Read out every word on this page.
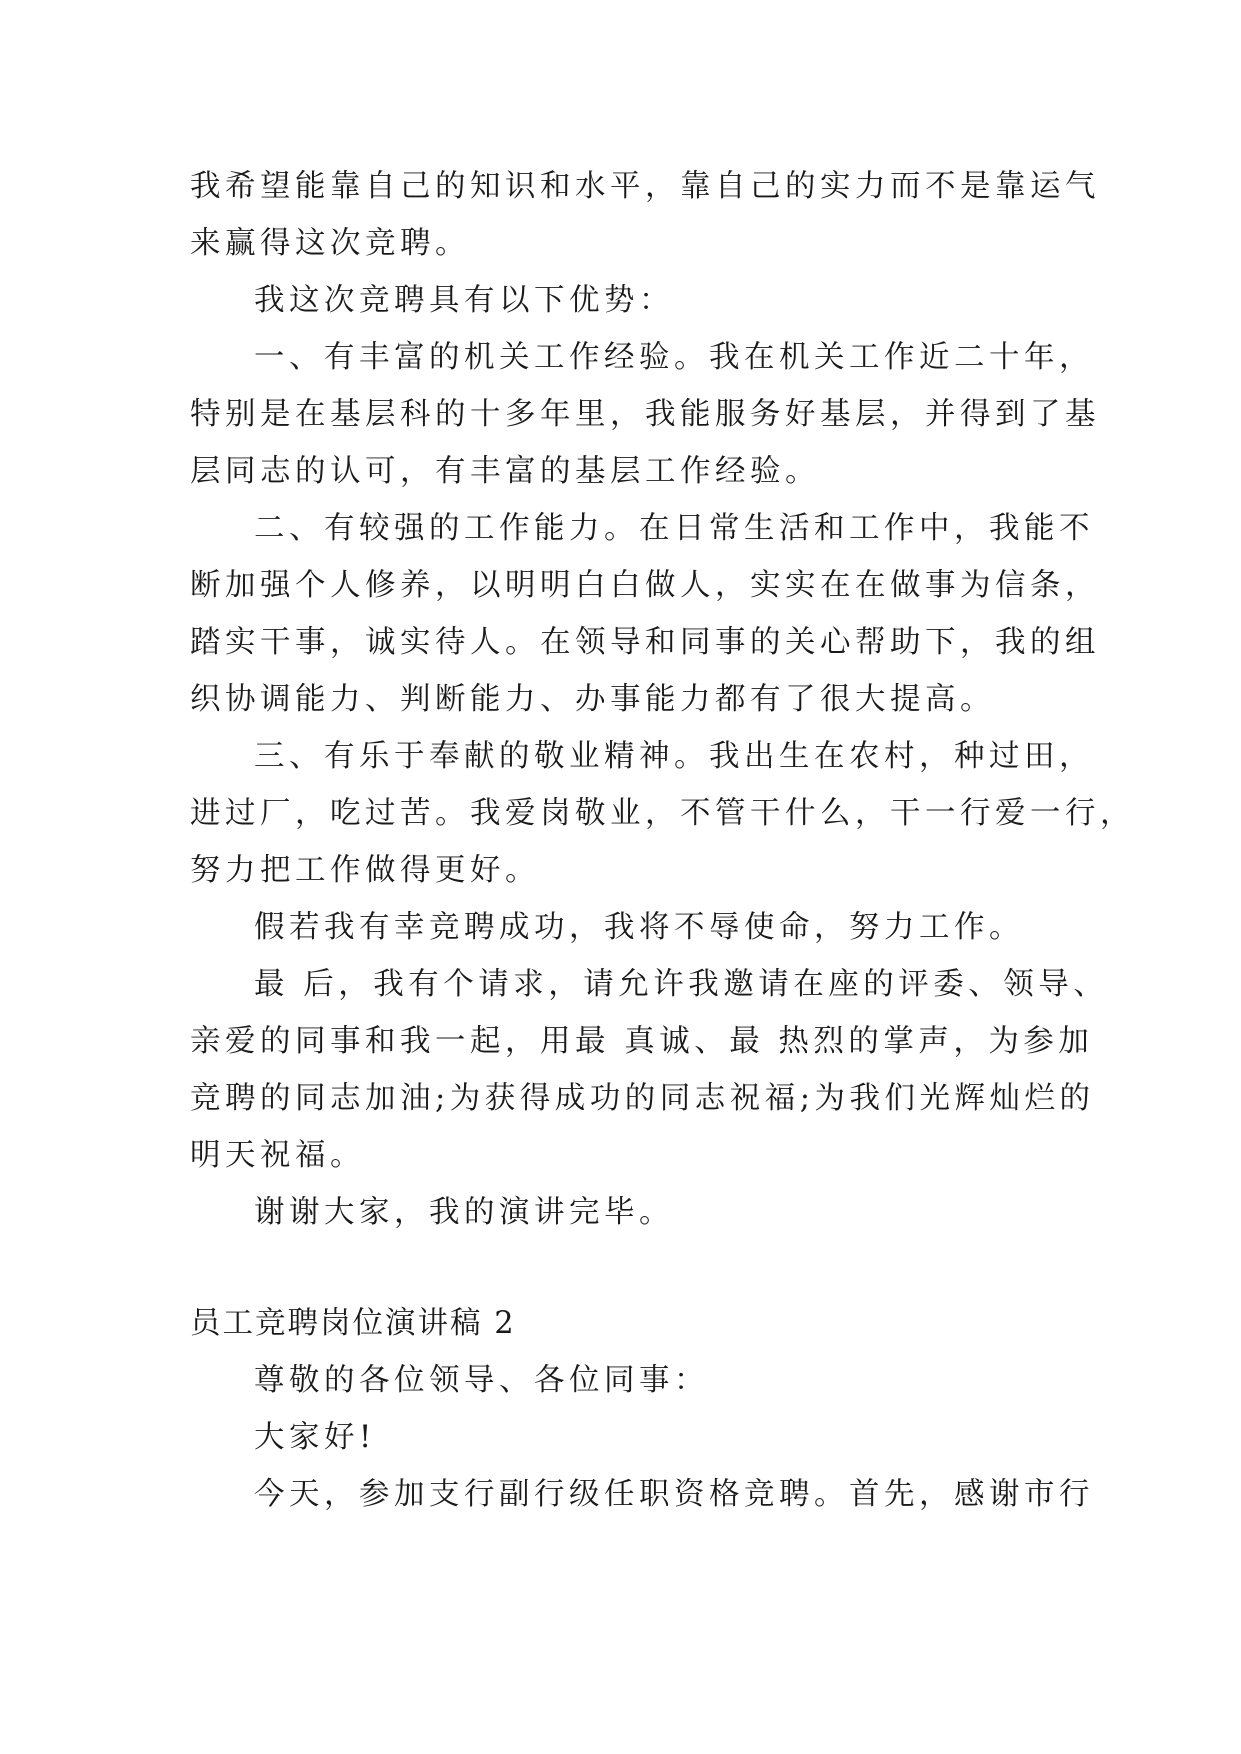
我希望能靠自己的知识和水平，靠自己的实力而不是靠运气
来赢得这次竞聘。
我这次竞聘具有以下优势：
一、有丰富的机关工作经验。我在机关工作近二十年，
特别是在基层科的十多年里，我能服务好基层，并得到了基
层同志的认可，有丰富的基层工作经验。
二、有较强的工作能力。在日常生活和工作中，我能不
断加强个人修养，以明明白白做人，实实在在做事为信条，
踏实干事，诚实待人。在领导和同事的关心帮助下，我的组
织协调能力、判断能力、办事能力都有了很大提高。
三、有乐于奉献的敬业精神。我出生在农村，种过田，
进过厂，吃过苦。我爱岗敬业，不管干什么，干一行爱一行，
努力把工作做得更好。
假若我有幸竞聘成功，我将不辱使命，努力工作。
最 后，我有个请求，请允许我邀请在座的评委、领导、
亲爱的同事和我一起，用最 真诚、最 热烈的掌声，为参加
竞聘的同志加油;为获得成功的同志祝福;为我们光辉灿烂的
明天祝福。
谢谢大家，我的演讲完毕。
员工竞聘岗位演讲稿 2
尊敬的各位领导、各位同事：
大家好!
今天，参加支行副行级任职资格竞聘。首先，感谢市行
